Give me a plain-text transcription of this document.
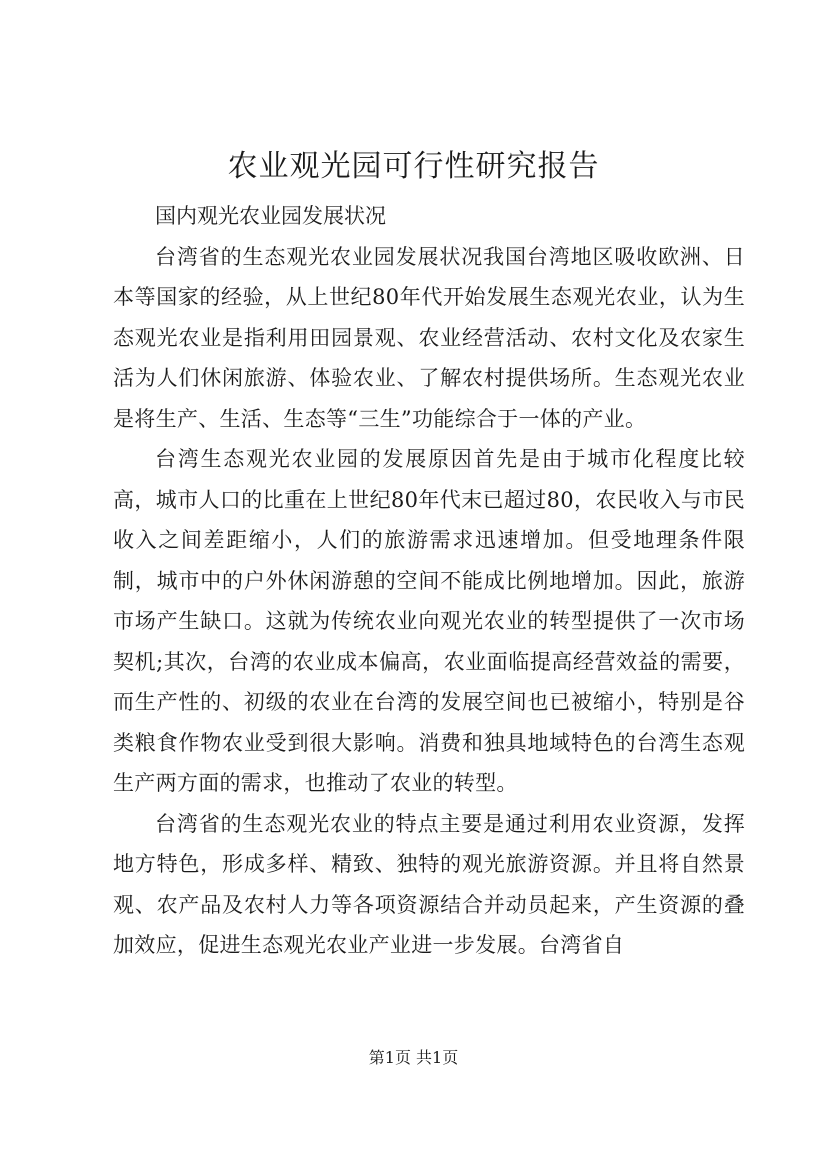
农业观光园可行性研究报告

国内观光农业园发展状况

台湾省的生态观光农业园发展状况我国台湾地区吸收欧洲、日本等国家的经验，从上世纪80年代开始发展生态观光农业，认为生态观光农业是指利用田园景观、农业经营活动、农村文化及农家生活为人们休闲旅游、体验农业、了解农村提供场所。生态观光农业是将生产、生活、生态等“三生”功能综合于一体的产业。

台湾生态观光农业园的发展原因首先是由于城市化程度比较高，城市人口的比重在上世纪80年代末已超过80，农民收入与市民收入之间差距缩小，人们的旅游需求迅速增加。但受地理条件限制，城市中的户外休闲游憩的空间不能成比例地增加。因此，旅游市场产生缺口。这就为传统农业向观光农业的转型提供了一次市场契机;其次，台湾的农业成本偏高，农业面临提高经营效益的需要，而生产性的、初级的农业在台湾的发展空间也已被缩小，特别是谷类粮食作物农业受到很大影响。消费和独具地域特色的台湾生态观生产两方面的需求，也推动了农业的转型。

台湾省的生态观光农业的特点主要是通过利用农业资源，发挥地方特色，形成多样、精致、独特的观光旅游资源。并且将自然景观、农产品及农村人力等各项资源结合并动员起来，产生资源的叠加效应，促进生态观光农业产业进一步发展。台湾省自

第1页 共1页
